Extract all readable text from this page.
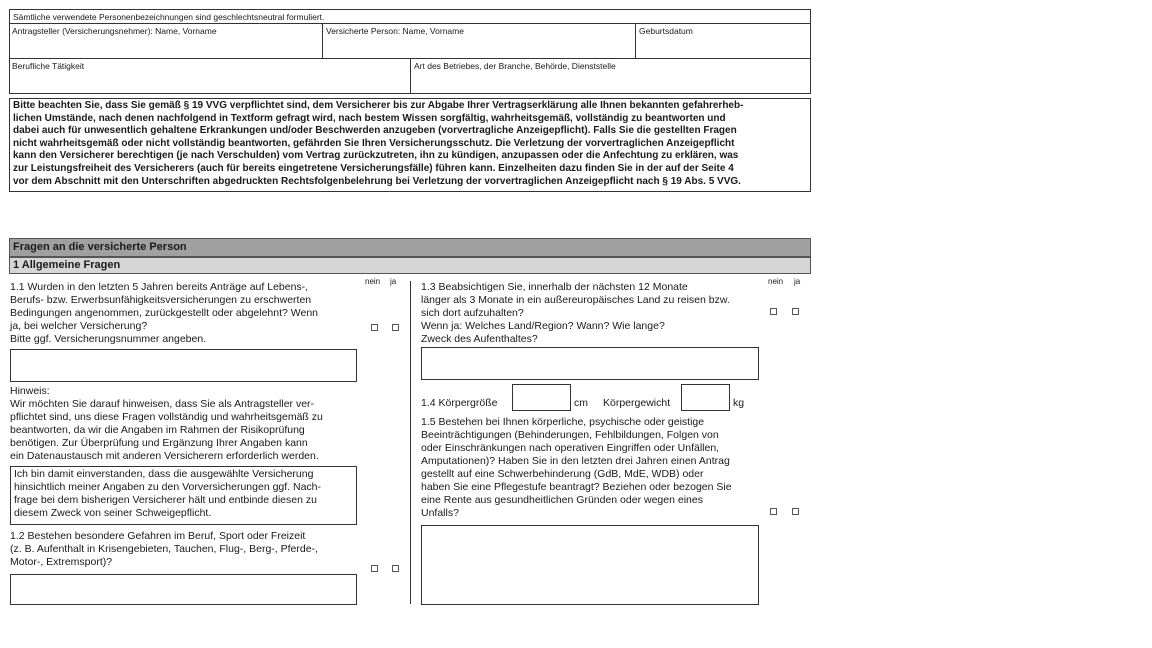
Sämtliche verwendete Personenbezeichnungen sind geschlechtsneutral formuliert.
Antragsteller (Versicherungsnehmer): Name, Vorname	Versicherte Person: Name, Vorname	Geburtsdatum
Berufliche Tätigkeit	Art des Betriebes, der Branche, Behörde, Dienststelle
Bitte beachten Sie, dass Sie gemäß § 19 VVG verpflichtet sind, dem Versicherer bis zur Abgabe Ihrer Vertragserklärung alle Ihnen bekannten gefahrerheb-
lichen Umstände, nach denen nachfolgend in Textform gefragt wird, nach bestem Wissen sorgfältig, wahrheitsgemäß, vollständig zu beantworten und
dabei auch für unwesentlich gehaltene Erkrankungen und/oder Beschwerden anzugeben (vorvertragliche Anzeigepflicht). Falls Sie die gestellten Fragen
nicht wahrheitsgemäß oder nicht vollständig beantworten, gefährden Sie Ihren Versicherungsschutz. Die Verletzung der vorvertraglichen Anzeigepflicht
kann den Versicherer berechtigen (je nach Verschulden) vom Vertrag zurückzutreten, ihn zu kündigen, anzupassen oder die Anfechtung zu erklären, was
zur Leistungsfreiheit des Versicherers (auch für bereits eingetretene Versicherungsfälle) führen kann. Einzelheiten dazu finden Sie in der auf der Seite 4
vor dem Abschnitt mit den Unterschriften abgedruckten Rechtsfolgenbelehrung bei Verletzung der vorvertraglichen Anzeigepflicht nach § 19 Abs. 5 VVG.
Fragen an die versicherte Person
1 Allgemeine Fragen
nein ja	nein ja
1.1 Wurden in den letzten 5 Jahren bereits Anträge auf Lebens-,
Berufs- bzw. Erwerbsunfähigkeitsversicherungen zu erschwerten
Bedingungen angenommen, zurückgestellt oder abgelehnt? Wenn
ja, bei welcher Versicherung?
Bitte ggf. Versicherungsnummer angeben.
Hinweis:
Wir möchten Sie darauf hinweisen, dass Sie als Antragsteller ver-
pflichtet sind, uns diese Fragen vollständig und wahrheitsgemäß zu
beantworten, da wir die Angaben im Rahmen der Risikoprüfung
benötigen. Zur Überprüfung und Ergänzung Ihrer Angaben kann
ein Datenaustausch mit anderen Versicherern erforderlich werden.
Ich bin damit einverstanden, dass die ausgewählte Versicherung
hinsichtlich meiner Angaben zu den Vorversicherungen ggf. Nach-
frage bei dem bisherigen Versicherer hält und entbinde diesen zu
diesem Zweck von seiner Schweigepflicht.
1.2 Bestehen besondere Gefahren im Beruf, Sport oder Freizeit
(z. B. Aufenthalt in Krisengebieten, Tauchen, Flug-, Berg-, Pferde-,
Motor-, Extremsport)?
1.3 Beabsichtigen Sie, innerhalb der nächsten 12 Monate
länger als 3 Monate in ein außereuropäisches Land zu reisen bzw.
sich dort aufzuhalten?
Wenn ja: Welches Land/Region? Wann? Wie lange?
Zweck des Aufenthaltes?
1.4 Körpergröße	cm Körpergewicht	kg
1.5 Bestehen bei Ihnen körperliche, psychische oder geistige
Beeinträchtigungen (Behinderungen, Fehlbildungen, Folgen von
oder Einschränkungen nach operativen Eingriffen oder Unfällen,
Amputationen)? Haben Sie in den letzten drei Jahren einen Antrag
gestellt auf eine Schwerbehinderung (GdB, MdE, WDB) oder
haben Sie eine Pflegestufe beantragt? Beziehen oder bezogen Sie
eine Rente aus gesundheitlichen Gründen oder wegen eines
Unfalls?
